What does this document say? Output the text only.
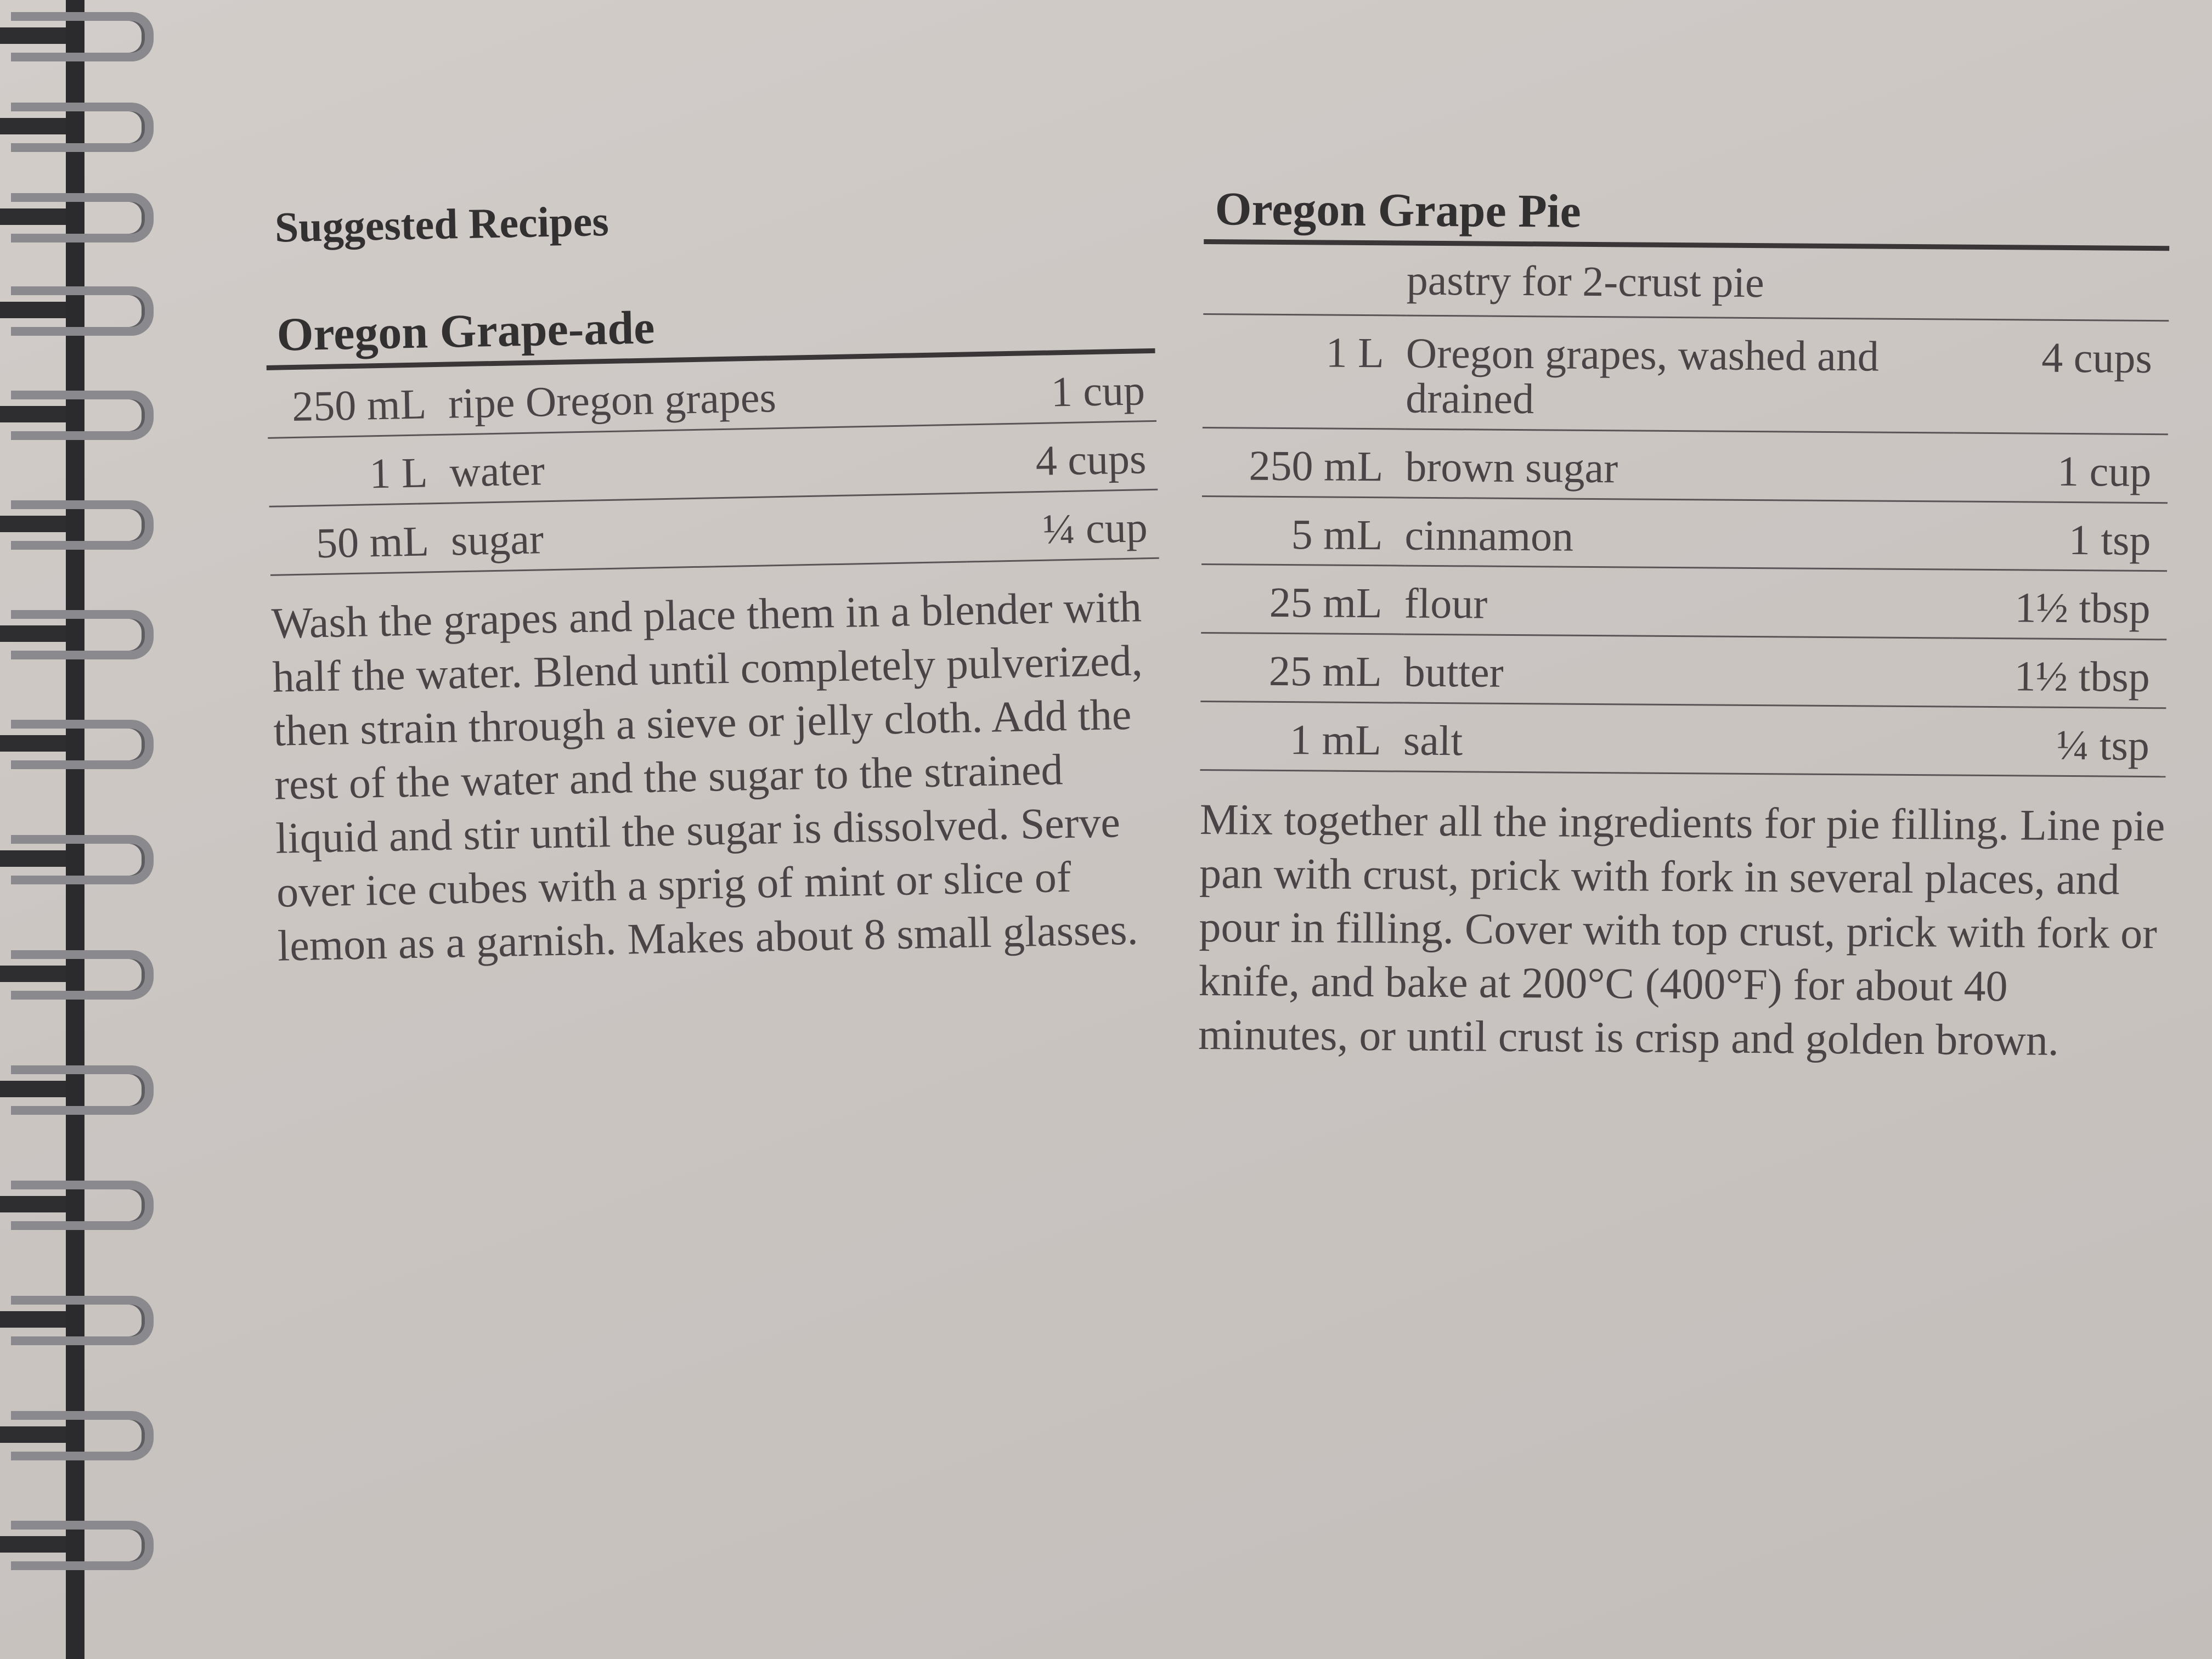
Suggested Recipes
Oregon Grape-ade
250 mL	ripe Oregon grapes	1 cup
1 L	water	4 cups
50 mL	sugar	¼ cup
Wash the grapes and place them in a blender with half the water. Blend until completely pulverized, then strain through a sieve or jelly cloth. Add the rest of the water and the sugar to the strained liquid and stir until the sugar is dissolved. Serve over ice cubes with a sprig of mint or slice of lemon as a garnish. Makes about 8 small glasses.
Oregon Grape Pie
	pastry for 2-crust pie	
1 L	Oregon grapes, washed and drained	4 cups
250 mL	brown sugar	1 cup
5 mL	cinnamon	1 tsp
25 mL	flour	1½ tbsp
25 mL	butter	1½ tbsp
1 mL	salt	¼ tsp
Mix together all the ingredients for pie filling. Line pie pan with crust, prick with fork in several places, and pour in filling. Cover with top crust, prick with fork or knife, and bake at 200°C (400°F) for about 40 minutes, or until crust is crisp and golden brown.
